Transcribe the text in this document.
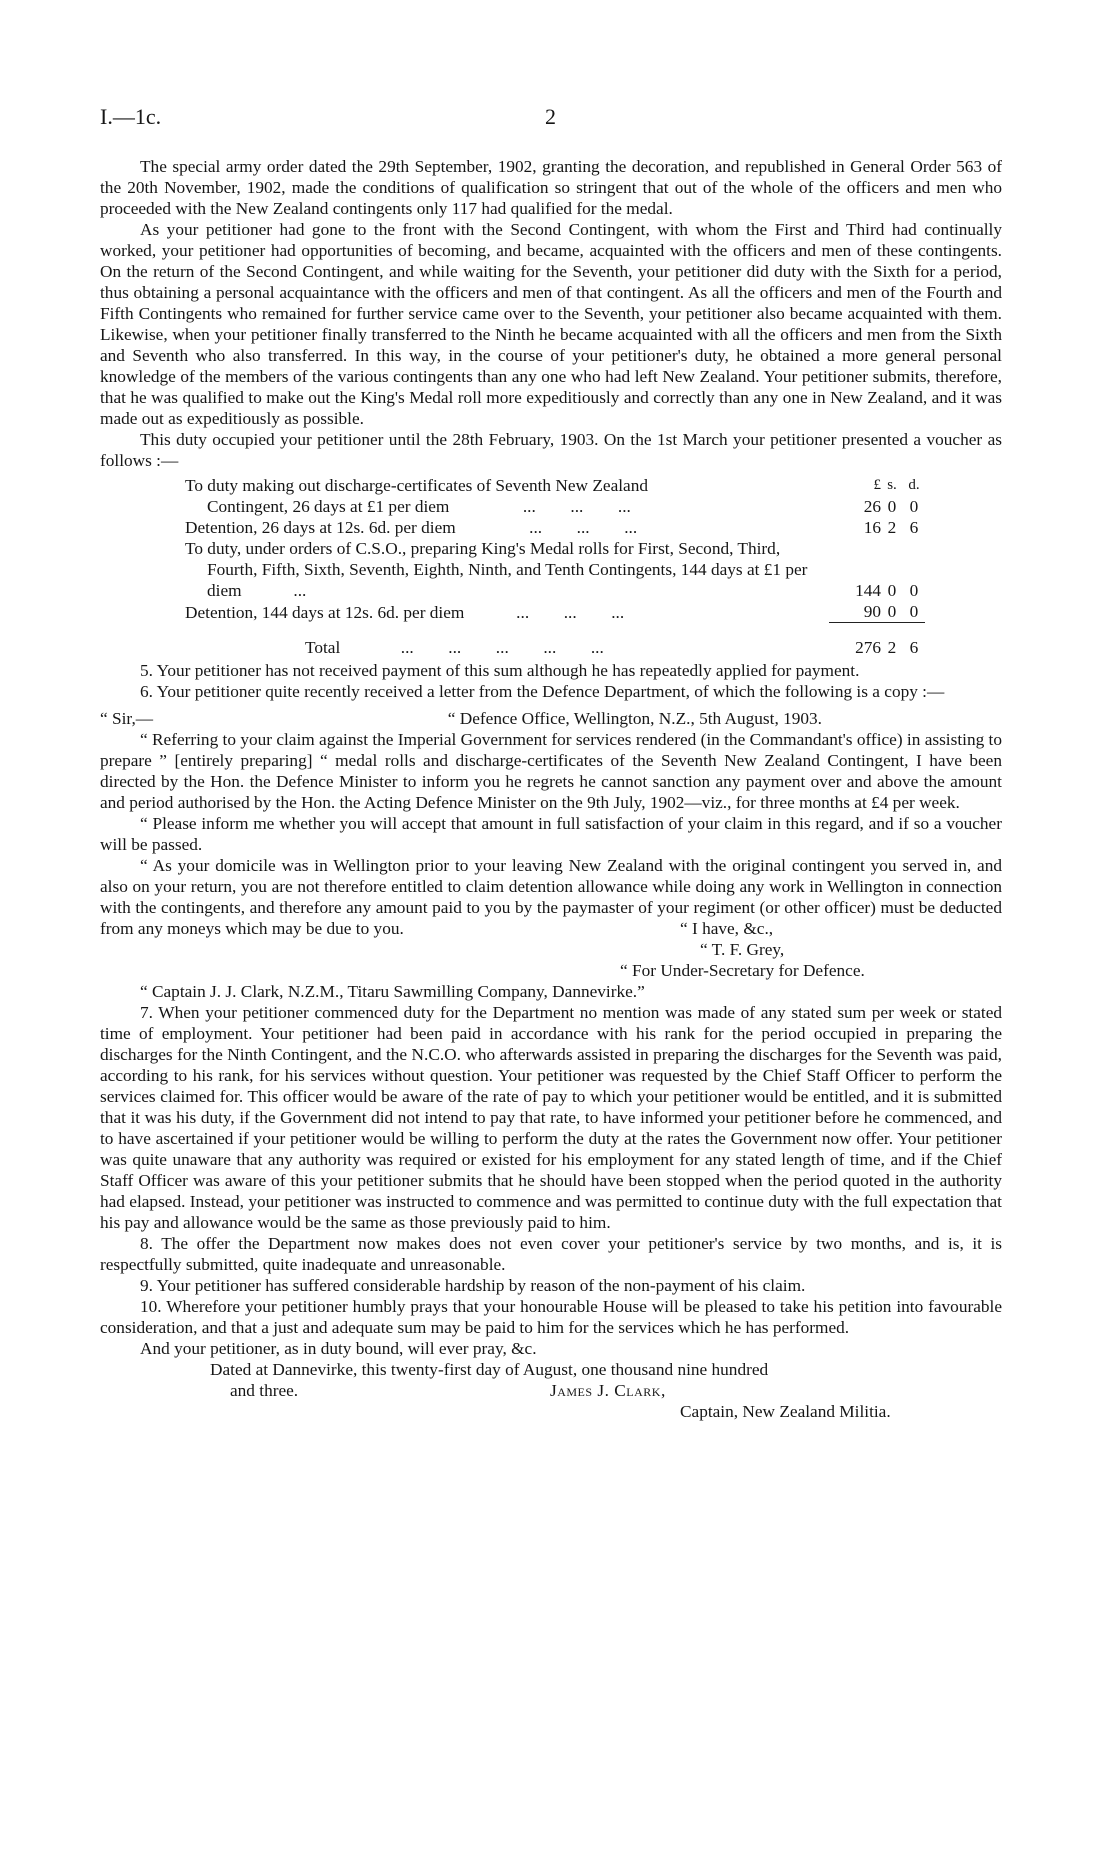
I.—1c.	2

The special army order dated the 29th September, 1902, granting the decoration, and republished in General Order 563 of the 20th November, 1902, made the conditions of qualification so stringent that out of the whole of the officers and men who proceeded with the New Zealand contingents only 117 had qualified for the medal.

As your petitioner had gone to the front with the Second Contingent, with whom the First and Third had continually worked, your petitioner had opportunities of becoming, and became, acquainted with the officers and men of these contingents. On the return of the Second Contingent, and while waiting for the Seventh, your petitioner did duty with the Sixth for a period, thus obtaining a personal acquaintance with the officers and men of that contingent. As all the officers and men of the Fourth and Fifth Contingents who remained for further service came over to the Seventh, your petitioner also became acquainted with them. Likewise, when your petitioner finally transferred to the Ninth he became acquainted with all the officers and men from the Sixth and Seventh who also transferred. In this way, in the course of your petitioner's duty, he obtained a more general personal knowledge of the members of the various contingents than any one who had left New Zealand. Your petitioner submits, therefore, that he was qualified to make out the King's Medal roll more expeditiously and correctly than any one in New Zealand, and it was made out as expeditiously as possible.

This duty occupied your petitioner until the 28th February, 1903. On the 1st March your petitioner presented a voucher as follows :—

To duty making out discharge-certificates of Seventh New Zealand	£	s.	d.

Contingent, 26 days at £1 per diem ...        ...        ...	26	0	0
Detention, 26 days at 12s. 6d. per diem ...        ...        ...	16	2	6

To duty, under orders of C.S.O., preparing King's Medal rolls for First, Second, Third, Fourth, Fifth, Sixth, Seventh, Eighth, Ninth, and Tenth Contingents, 144 days at £1 per diem ...	144	0	0
Detention, 144 days at 12s. 6d. per diem ...        ...        ...	90	0	0
Total ...        ...        ...        ...        ...	276	2	6

5. Your petitioner has not received payment of this sum although he has repeatedly applied for payment.

6. Your petitioner quite recently received a letter from the Defence Department, of which the following is a copy :—

“ Sir,—	“ Defence Office, Wellington, N.Z., 5th August, 1903.

“ Referring to your claim against the Imperial Government for services rendered (in the Commandant's office) in assisting to prepare ” [entirely preparing] “ medal rolls and discharge-certificates of the Seventh New Zealand Contingent, I have been directed by the Hon. the Defence Minister to inform you he regrets he cannot sanction any payment over and above the amount and period authorised by the Hon. the Acting Defence Minister on the 9th July, 1902—viz., for three months at £4 per week.

“ Please inform me whether you will accept that amount in full satisfaction of your claim in this regard, and if so a voucher will be passed.

“ As your domicile was in Wellington prior to your leaving New Zealand with the original contingent you served in, and also on your return, you are not therefore entitled to claim detention allowance while doing any work in Wellington in connection with the contingents, and therefore any amount paid to you by the paymaster of your regiment (or other officer) must be deducted from any moneys which may be due to you.	“ I have, &c.,
“ T. F. Grey,
“ For Under-Secretary for Defence.

“ Captain J. J. Clark, N.Z.M., Titaru Sawmilling Company, Dannevirke.”

7. When your petitioner commenced duty for the Department no mention was made of any stated sum per week or stated time of employment. Your petitioner had been paid in accordance with his rank for the period occupied in preparing the discharges for the Ninth Contingent, and the N.C.O. who afterwards assisted in preparing the discharges for the Seventh was paid, according to his rank, for his services without question. Your petitioner was requested by the Chief Staff Officer to perform the services claimed for. This officer would be aware of the rate of pay to which your petitioner would be entitled, and it is submitted that it was his duty, if the Government did not intend to pay that rate, to have informed your petitioner before he commenced, and to have ascertained if your petitioner would be willing to perform the duty at the rates the Government now offer. Your petitioner was quite unaware that any authority was required or existed for his employment for any stated length of time, and if the Chief Staff Officer was aware of this your petitioner submits that he should have been stopped when the period quoted in the authority had elapsed. Instead, your petitioner was instructed to commence and was permitted to continue duty with the full expectation that his pay and allowance would be the same as those previously paid to him.

8. The offer the Department now makes does not even cover your petitioner's service by two months, and is, it is respectfully submitted, quite inadequate and unreasonable.

9. Your petitioner has suffered considerable hardship by reason of the non-payment of his claim.

10. Wherefore your petitioner humbly prays that your honourable House will be pleased to take his petition into favourable consideration, and that a just and adequate sum may be paid to him for the services which he has performed.

And your petitioner, as in duty bound, will ever pray, &c.

Dated at Dannevirke, this twenty-first day of August, one thousand nine hundred
and three.	James J. Clark,
Captain, New Zealand Militia.
